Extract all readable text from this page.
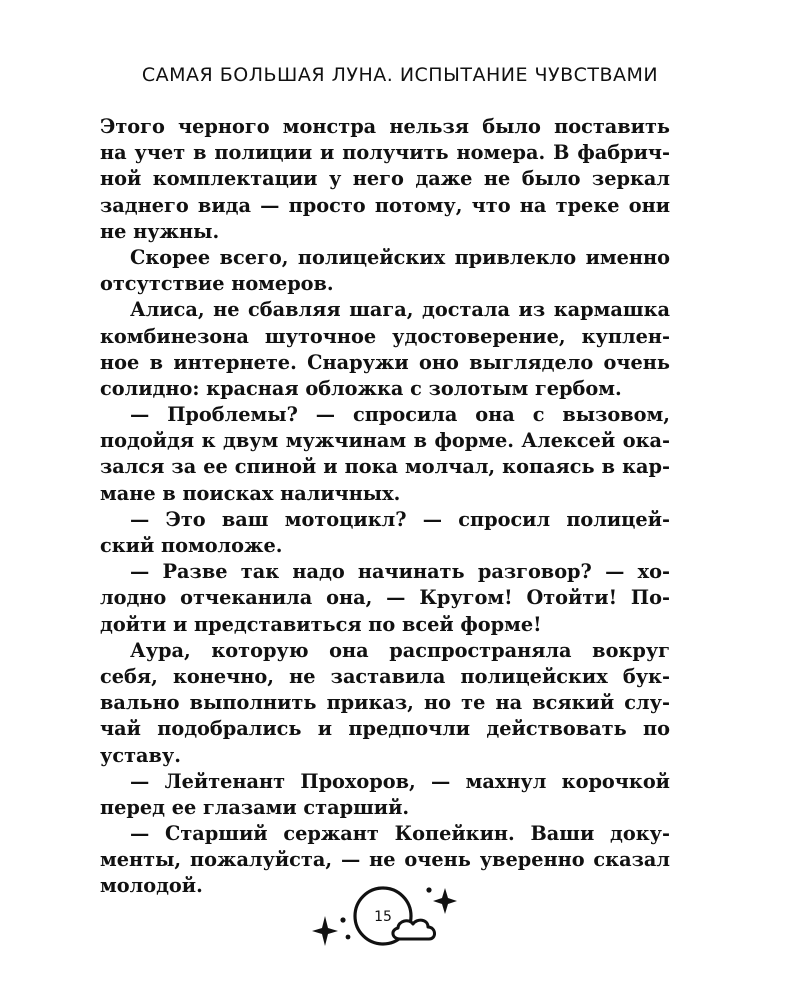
САМАЯ БОЛЬШАЯ ЛУНА. ИСПЫТАНИЕ ЧУВСТВАМИ
Этого черного монстра нельзя было поставить
на учет в полиции и получить номера. В фабрич-
ной комплектации у него даже не было зеркал
заднего вида — просто потому, что на треке они
не нужны.
Скорее всего, полицейских привлекло именно
отсутствие номеров.
Алиса, не сбавляя шага, достала из кармашка
комбинезона шуточное удостоверение, куплен-
ное в интернете. Снаружи оно выглядело очень
солидно: красная обложка с золотым гербом.
— Проблемы? — спросила она с вызовом,
подойдя к двум мужчинам в форме. Алексей ока-
зался за ее спиной и пока молчал, копаясь в кар-
мане в поисках наличных.
— Это ваш мотоцикл? — спросил полицей-
ский помоложе.
— Разве так надо начинать разговор? — хо-
лодно отчеканила она, — Кругом! Отойти! По-
дойти и представиться по всей форме!
Аура, которую она распространяла вокруг
себя, конечно, не заставила полицейских бук-
вально выполнить приказ, но те на всякий слу-
чай подобрались и предпочли действовать по
уставу.
— Лейтенант Прохоров, — махнул корочкой
перед ее глазами старший.
— Старший сержант Копейкин. Ваши доку-
менты, пожалуйста, — не очень уверенно сказал
молодой.
15
